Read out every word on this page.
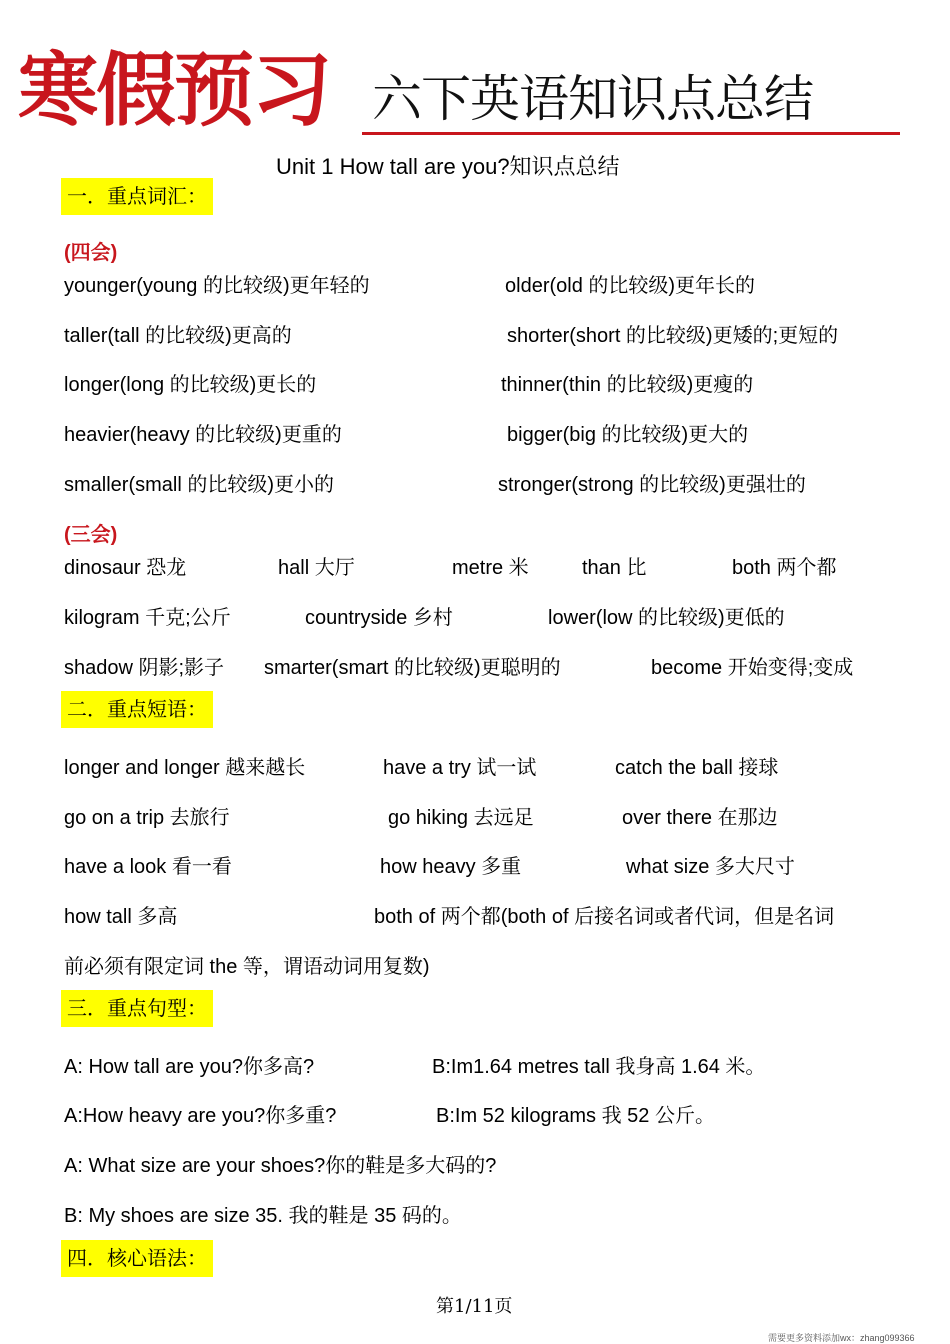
寒假预习 六下英语知识点总结
Unit 1 How tall are you?知识点总结
一．重点词汇：
(四会)
younger(young 的比较级)更年轻的	older(old 的比较级)更年长的
taller(tall 的比较级)更高的	shorter(short 的比较级)更矮的;更短的
longer(long 的比较级)更长的	thinner(thin 的比较级)更瘦的
heavier(heavy 的比较级)更重的	bigger(big 的比较级)更大的
smaller(small 的比较级)更小的	stronger(strong 的比较级)更强壮的
(三会)
dinosaur 恐龙	hall 大厅	metre 米	than 比	both 两个都
kilogram 千克;公斤	countryside 乡村	lower(low 的比较级)更低的
shadow 阴影;影子 smarter(smart 的比较级)更聪明的	become 开始变得;变成
二．重点短语：
longer and longer 越来越长	have a try 试一试	catch the ball 接球
go on a trip 去旅行	go hiking 去远足	over there 在那边
have a look 看一看	how heavy 多重	what size 多大尺寸
how tall 多高	both of 两个都(both of 后接名词或者代词，但是名词
前必须有限定词 the 等，谓语动词用复数)
三．重点句型：
A: How tall are you?你多高?	B:Im1.64 metres tall 我身高 1.64 米。
A:How heavy are you?你多重?	B:Im 52 kilograms 我 52 公斤。
A: What size are your shoes?你的鞋是多大码的?
B: My shoes are size 35. 我的鞋是 35 码的。
四．核心语法：
第1/11页
需要更多资料添加wx：zhang099366
